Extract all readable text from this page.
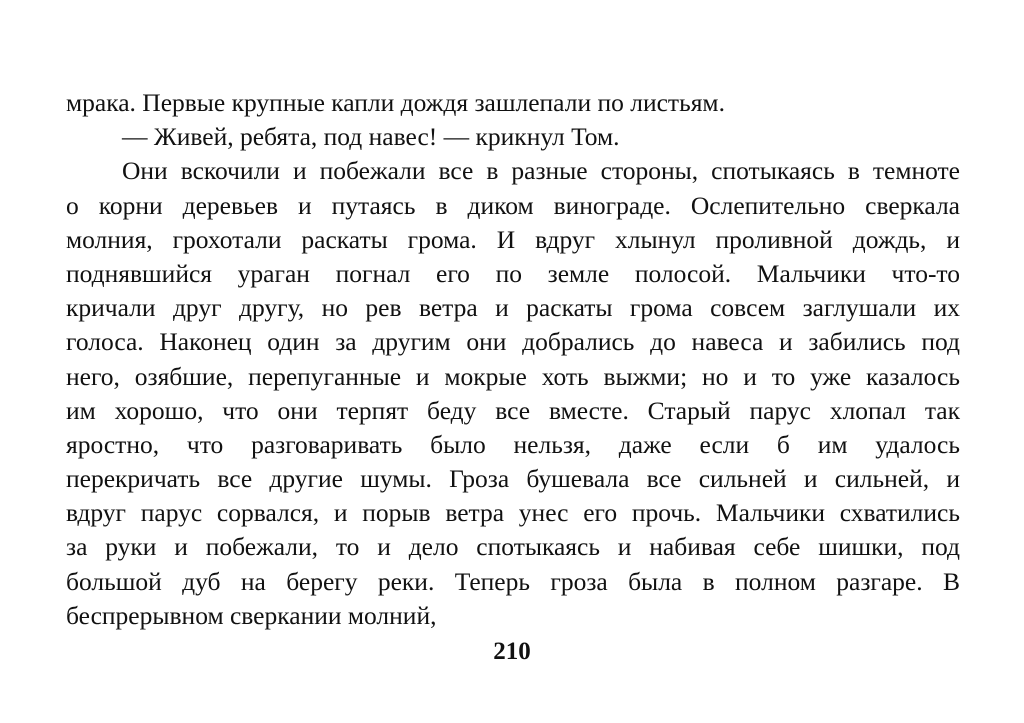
мрака. Первые крупные капли дождя зашлепали по листьям.
— Живей, ребята, под навес! — крикнул Том.
Они вскочили и побежали все в разные стороны, спотыкаясь в темноте
о корни деревьев и путаясь в диком винограде. Ослепительно сверкала
молния, грохотали раскаты грома. И вдруг хлынул проливной дождь, и
поднявшийся ураган погнал его по земле полосой. Мальчики что-то
кричали друг другу, но рев ветра и раскаты грома совсем заглушали их
голоса. Наконец один за другим они добрались до навеса и забились под
него, озябшие, перепуганные и мокрые хоть выжми; но и то уже казалось
им хорошо, что они терпят беду все вместе. Старый парус хлопал так
яростно, что разговаривать было нельзя, даже если б им удалось
перекричать все другие шумы. Гроза бушевала все сильней и сильней, и
вдруг парус сорвался, и порыв ветра унес его прочь. Мальчики схватились
за руки и побежали, то и дело спотыкаясь и набивая себе шишки, под
большой дуб на берегу реки. Теперь гроза была в полном разгаре. В
беспрерывном сверкании молний,
210
